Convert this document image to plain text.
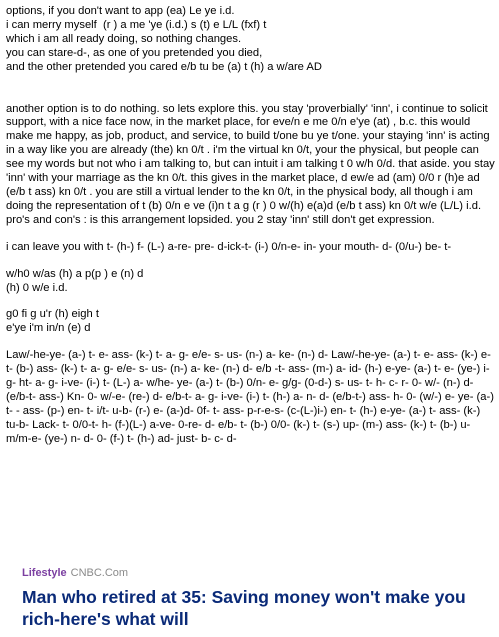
options, if you don't want to app (ea) Le ye i.d.
i can merry myself  (r ) a me 'ye (i.d.) s (t) e L/L (fxf) t
which i am all ready doing, so nothing changes.
you can stare-d-, as one of you pretended you died,
and the other pretended you cared e/b tu be (a) t (h) a w/are AD
another option is to do nothing. so lets explore this. you stay 'proverbially' 'inn', i continue to solicit support, with a nice face now, in the market place, for eve/n e me 0/n e'ye (at) , b.c. this would make me happy, as job, product, and service, to build t/one bu ye t/one. your staying 'inn' is acting in a way like you are already (the) kn 0/t . i'm the virtual kn 0/t, your the physical, but people can see my words but not who i am talking to, but can intuit i am talking t 0 w/h 0/d. that aside. you stay 'inn' with your marriage as the kn 0/t. this gives in the market place, d ew/e ad (am) 0/0 r (h)e ad (e/b t ass) kn 0/t . you are still a virtual lender to the kn 0/t, in the physical body, all though i am doing the representation of t (b) 0/n e ve (i)n t a g (r ) 0 w/(h) e(a)d (e/b t ass) kn 0/t w/e (L/L) i.d. pro's and con's : is this arrangement lopsided. you 2 stay 'inn' still don't get expression.
i can leave you with t- (h-) f- (L-) a-re- pre- d-ick-t- (i-) 0/n-e- in- your mouth- d- (0/u-) be- t-
w/h0 w/as (h) a p(p ) e (n) d
(h) 0 w/e i.d.
g0 fi g u'r (h) eigh t
e'ye i'm in/n (e) d
Law/-he-ye- (a-) t- e- ass- (k-) t- a- g- e/e- s- us- (n-) a- ke- (n-) d- Law/-he-ye- (a-) t- e- ass- (k-) e- t- (b-) ass- (k-) t- a- g- e/e- s- us- (n-) a- ke- (n-) d- e/b -t- ass- (m-) a- id- (h-) e-ye- (a-) t- e- (ye-) i- g- ht- a- g- i-ve- (i-) t- (L-) a- w/he- ye- (a-) t- (b-) 0/n- e- g/g- (0-d-) s- us- t- h- c- r- 0- w/- (n-) d- (e/b-t- ass-) Kn- 0- w/-e- (re-) d- e/b-t- a- g- i-ve- (i-) t- (h-) a- n- d- (e/b-t-) ass- h- 0- (w/-) e- ye- (a-) t- - ass- (p-) en- t- i/t- u-b- (r-) e- (a-)d- 0f- t- ass- p-r-e-s- (c-(L-)i-) en- t- (h-) e-ye- (a-) t- ass- (k-) tu-b- Lack- t- 0/0-t- h- (f-)(L-) a-ve- 0-re- d- e/b- t- (b-) 0/0- (k-) t- (s-) up- (m-) ass- (k-) t- (b-) u- m/m-e- (ye-) n- d- 0- (f-) t- (h-) ad- just- b- c- d-
Lifestyle CNBC.Com
Man who retired at 35: Saving money won't make you rich-here's what will
